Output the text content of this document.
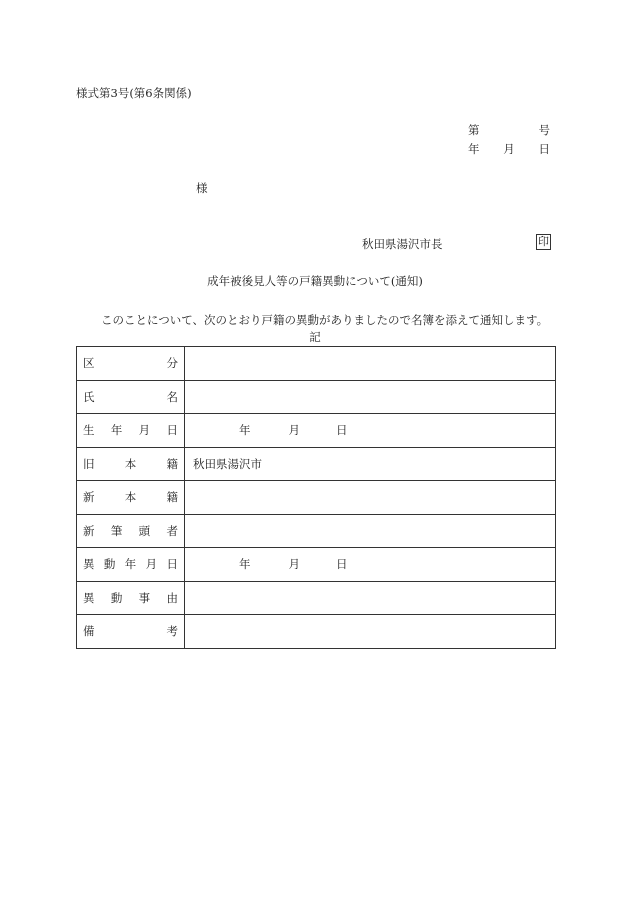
様式第3号(第6条関係)
第	号
年 月 日
様
秋田県湯沢市長	印
成年被後見人等の戸籍異動について(通知)
このことについて、次のとおり戸籍の異動がありましたので名簿を添えて通知します。
記
区 分	

氏 名	

生 年 月 日	年 月 日

旧 本 籍	秋田県湯沢市

新 本 籍	

新 筆 頭 者	

異 動 年 月 日	年 月 日

異 動 事 由	

備 考	
